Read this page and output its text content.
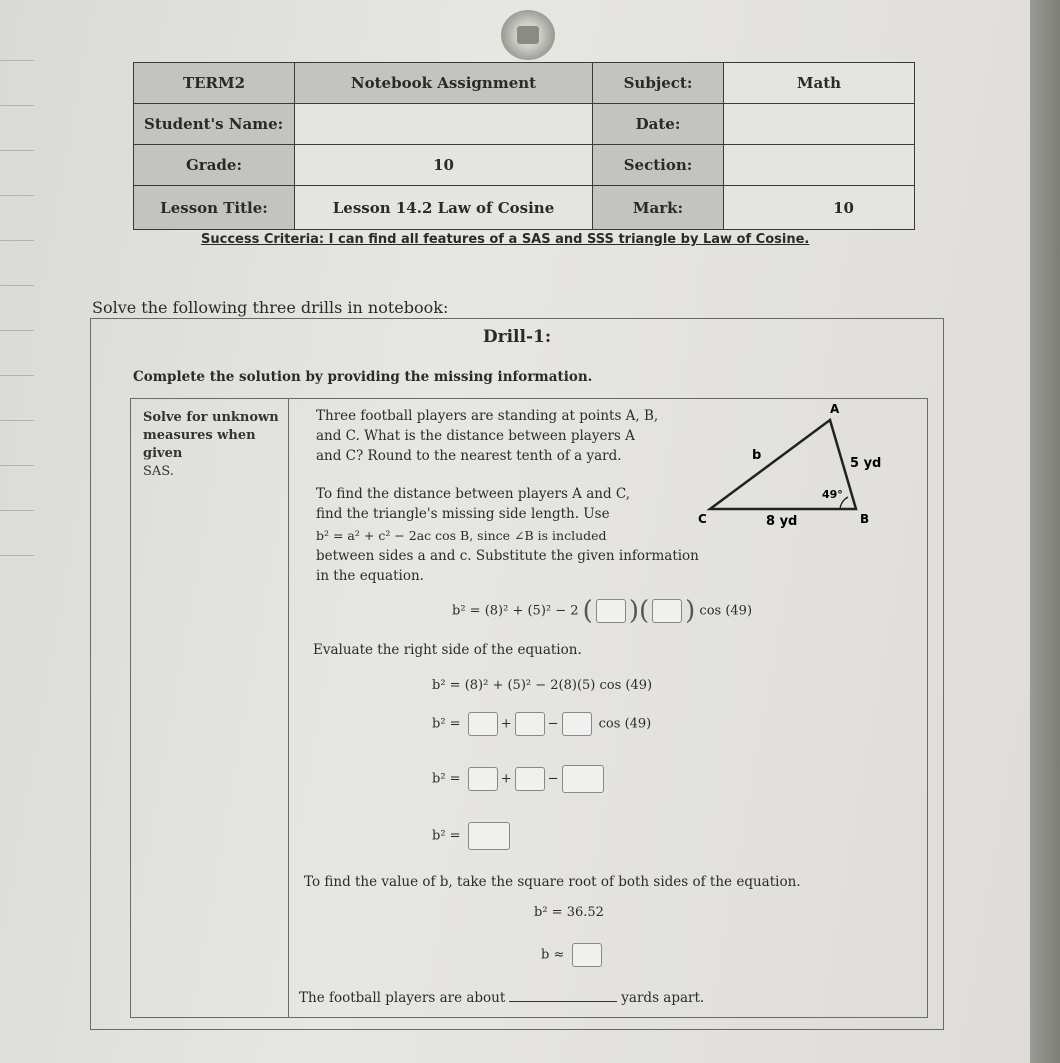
TERM2	Notebook Assignment	Subject:	Math
Student's Name:		Date:	
Grade:	10	Section:	
Lesson Title:	Lesson 14.2 Law of Cosine	Mark:	10
Success Criteria: I can find all features of a SAS and SSS triangle by Law of Cosine.
Solve the following three drills in notebook:
Drill-1:
Complete the solution by providing the missing information.
Solve for unknown measures when given
SAS.
Three football players are standing at points A, B, and C. What is the distance between players A and C? Round to the nearest tenth of a yard.
To find the distance between players A and C, find the triangle's missing side length. Use
b² = a² + c² − 2ac cos B, since ∠B is included
between sides a and c. Substitute the given information in the equation.
b² = (8)² + (5)² − 2 ( )( ) cos (49)
Evaluate the right side of the equation.
b² = (8)² + (5)² − 2(8)(5) cos (49)
b² =	+	−	cos (49)
b² =	+	−
b² =
To find the value of b, take the square root of both sides of the equation.
b² = 36.52
b ≈
The football players are about	yards apart.
A
B
C
b
5 yd
8 yd
49°
